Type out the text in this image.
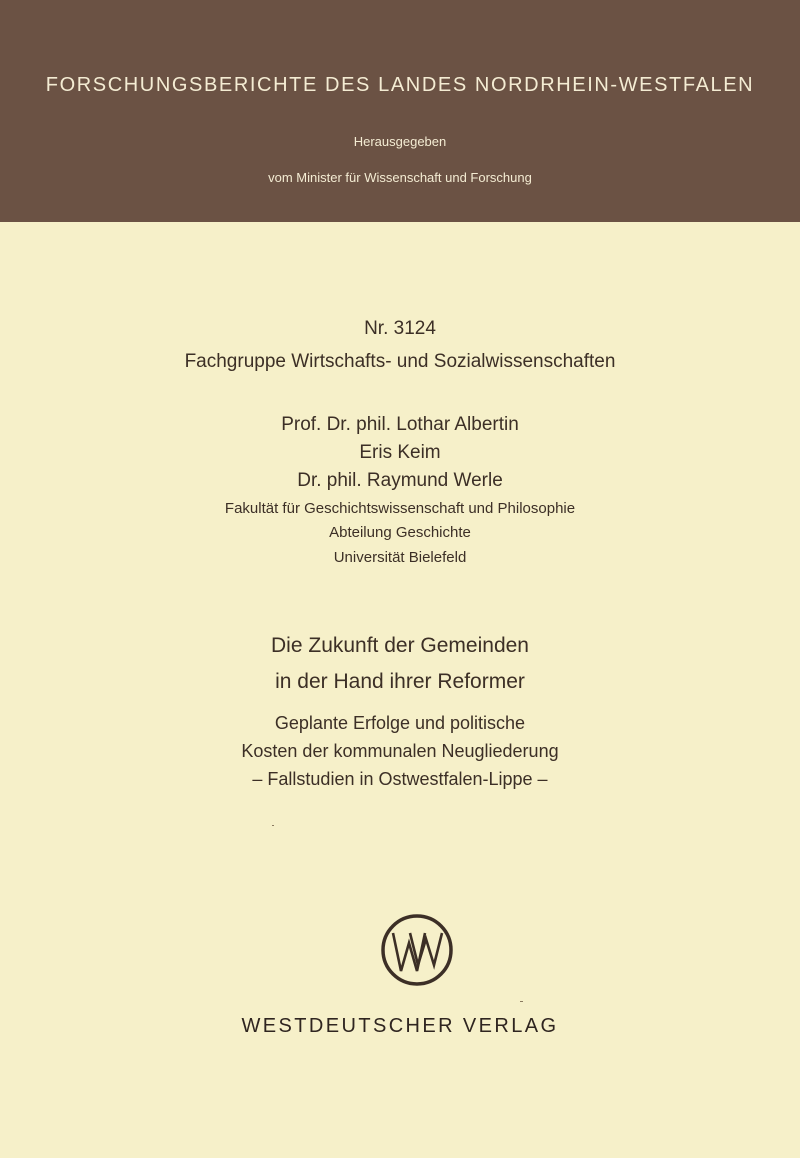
FORSCHUNGSBERICHTE DES LANDES NORDRHEIN-WESTFALEN
Herausgegeben
vom Minister für Wissenschaft und Forschung
Nr. 3124
Fachgruppe Wirtschafts- und Sozialwissenschaften
Prof. Dr. phil. Lothar Albertin
Eris Keim
Dr. phil. Raymund Werle
Fakultät für Geschichtswissenschaft und Philosophie
Abteilung Geschichte
Universität Bielefeld
Die Zukunft der Gemeinden
in der Hand ihrer Reformer
Geplante Erfolge und politische
Kosten der kommunalen Neugliederung
– Fallstudien in Ostwestfalen-Lippe –
WESTDEUTSCHER VERLAG
